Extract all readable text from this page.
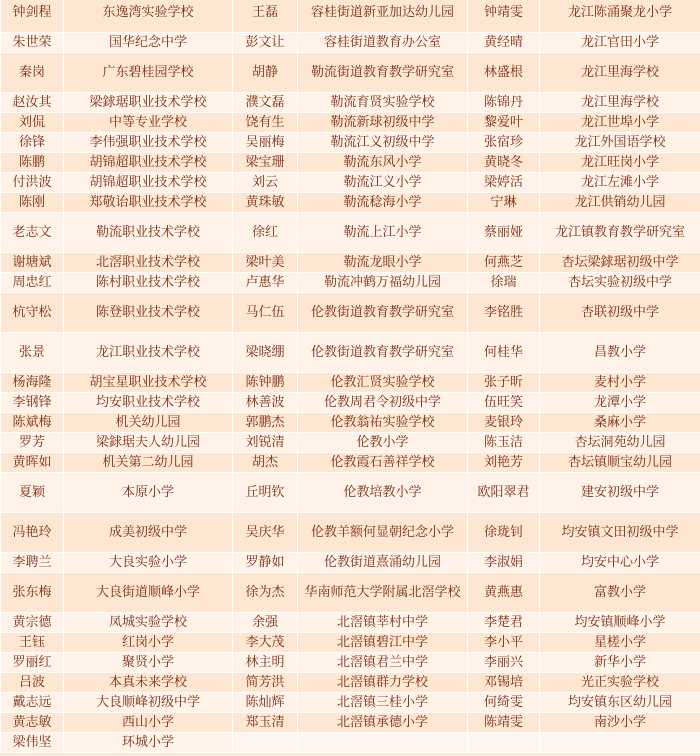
钟剑程	东逸湾实验学校	王磊	容桂街道新亚加达幼儿园	钟靖雯	龙江陈涌聚龙小学
朱世荣	国华纪念中学	彭文让	容桂街道教育办公室	黄经晴	龙江官田小学
秦岗	广东碧桂园学校	胡静	勒流街道教育教学研究室	林盛根	龙江里海学校
赵汝其	梁銶琚职业技术学校	濮文磊	勒流育贤实验学校	陈锦丹	龙江里海学校
刘侃	中等专业学校	饶有生	勒流新球初级中学	黎爱叶	龙江世埠小学
徐锋	李伟强职业技术学校	吴丽梅	勒流江义初级中学	张宿珍	龙江外国语学校
陈鹏	胡锦超职业技术学校	梁宝珊	勒流东风小学	黄晓冬	龙江旺岗小学
付洪波	胡锦超职业技术学校	刘云	勒流江义小学	梁婷活	龙江左滩小学
陈刚	郑敬诒职业技术学校	黄珠敏	勒流稔海小学	宁琳	龙江供销幼儿园
老志文	勒流职业技术学校	徐红	勒流上江小学	蔡丽娅	龙江镇教育教学研究室
谢塘斌	北滘职业技术学校	梁叶美	勒流龙眼小学	何燕芝	杏坛梁銶琚初级中学
周忠红	陈村职业技术学校	卢惠华	勒流冲鹤万福幼儿园	徐瑞	杏坛实验初级中学
杭守松	陈登职业技术学校	马仁伍	伦教街道教育教学研究室	李铭胜	杏联初级中学
张景	龙江职业技术学校	梁晓绷	伦教街道教育教学研究室	何桂华	昌教小学
杨海隆	胡宝星职业技术学校	陈钟鹏	伦教汇贤实验学校	张子昕	麦村小学
李钢锋	均安职业技术学校	林善波	伦教周君令初级中学	伍旺笑	龙潭小学
陈斌梅	机关幼儿园	郭鹏杰	伦教翁祐实验学校	麦银玲	桑麻小学
罗芳	梁銶琚夫人幼儿园	刘锐清	伦教小学	陈玉洁	杏坛洞苑幼儿园
黄晖如	机关第二幼儿园	胡杰	伦教霞石善祥学校	刘艳芳	杏坛镇顺宝幼儿园
夏颖	本原小学	丘明钦	伦教培教小学	欧阳翠君	建安初级中学
冯艳玲	成美初级中学	吴庆华	伦教羊额何显朝纪念小学	徐珑钊	均安镇文田初级中学
李聘兰	大良实验小学	罗静如	伦教街道熹涌幼儿园	李淑娟	均安中心小学
张东梅	大良街道顺峰小学	徐为杰	华南师范大学附属北滘学校	黄燕惠	富教小学
黄宗德	凤城实验学校	余强	北滘镇莘村中学	李楚君	均安镇顺峰小学
王钰	红岗小学	李大茂	北滘镇碧江中学	李小平	星槎小学
罗丽红	聚贤小学	林主明	北滘镇君兰中学	李丽兴	新华小学
吕波	本真未来学校	简芳洪	北滘镇群力学校	邓锡培	光正实验学校
戴志远	大良顺峰初级中学	陈灿辉	北滘镇三桂小学	何绮雯	均安镇东区幼儿园
黄志敏	西山小学	郑玉清	北滘镇承德小学	陈靖雯	南沙小学
梁伟坚	环城小学				
